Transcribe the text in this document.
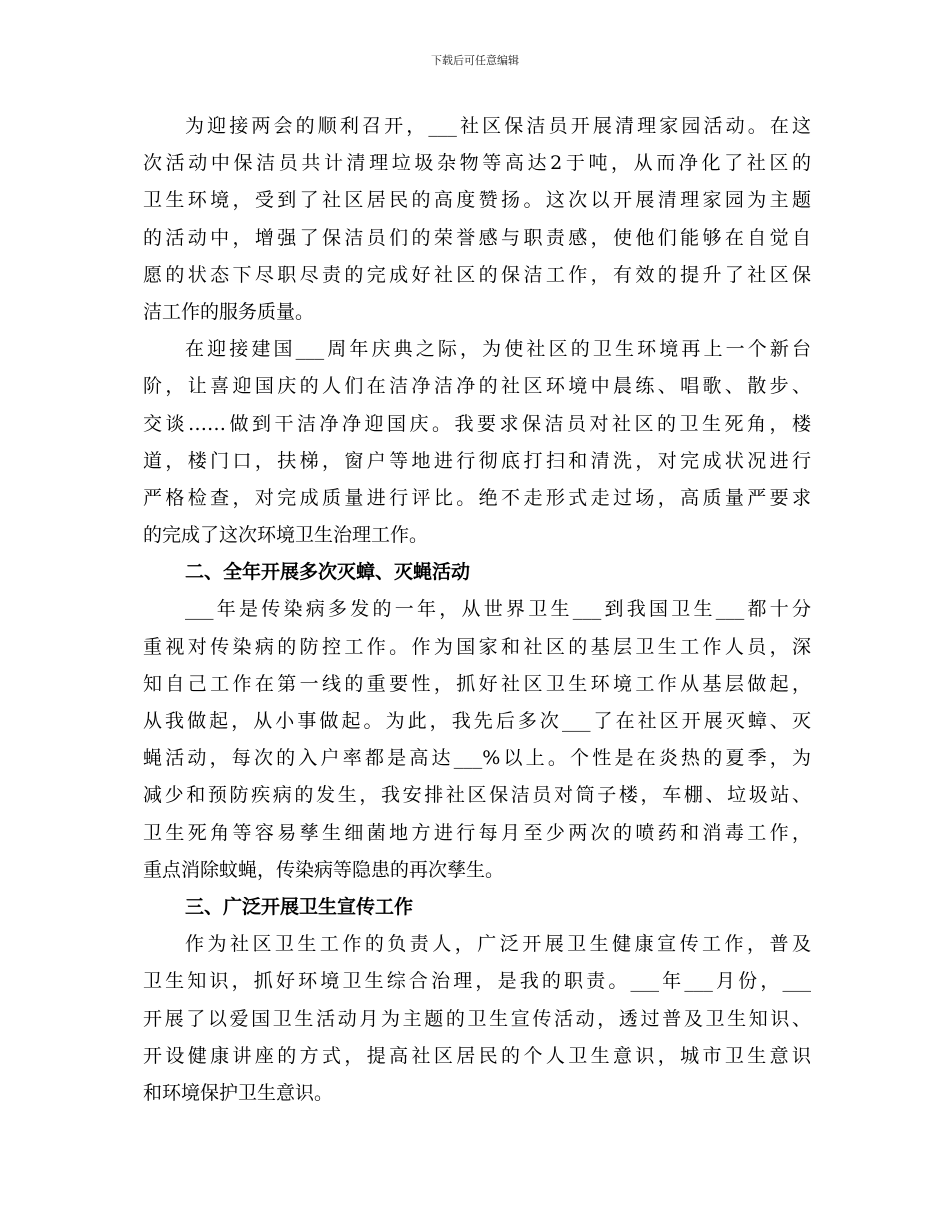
下载后可任意编辑
为迎接两会的顺利召开，___社区保洁员开展清理家园活动。在这
次活动中保洁员共计清理垃圾杂物等高达2于吨，从而净化了社区的
卫生环境，受到了社区居民的高度赞扬。这次以开展清理家园为主题
的活动中，增强了保洁员们的荣誉感与职责感，使他们能够在自觉自
愿的状态下尽职尽责的完成好社区的保洁工作，有效的提升了社区保
洁工作的服务质量。
在迎接建国___周年庆典之际，为使社区的卫生环境再上一个新台
阶，让喜迎国庆的人们在洁净洁净的社区环境中晨练、唱歌、散步、
交谈……做到干洁净净迎国庆。我要求保洁员对社区的卫生死角，楼
道，楼门口，扶梯，窗户等地进行彻底打扫和清洗，对完成状况进行
严格检查，对完成质量进行评比。绝不走形式走过场，高质量严要求
的完成了这次环境卫生治理工作。
二、全年开展多次灭蟑、灭蝇活动
___年是传染病多发的一年，从世界卫生___到我国卫生___都十分
重视对传染病的防控工作。作为国家和社区的基层卫生工作人员，深
知自己工作在第一线的重要性，抓好社区卫生环境工作从基层做起，
从我做起，从小事做起。为此，我先后多次___了在社区开展灭蟑、灭
蝇活动，每次的入户率都是高达___%以上。个性是在炎热的夏季，为
减少和预防疾病的发生，我安排社区保洁员对筒子楼，车棚、垃圾站、
卫生死角等容易孳生细菌地方进行每月至少两次的喷药和消毒工作，
重点消除蚊蝇，传染病等隐患的再次孳生。
三、广泛开展卫生宣传工作
作为社区卫生工作的负责人，广泛开展卫生健康宣传工作，普及
卫生知识，抓好环境卫生综合治理，是我的职责。___年___月份，___
开展了以爱国卫生活动月为主题的卫生宣传活动，透过普及卫生知识、
开设健康讲座的方式，提高社区居民的个人卫生意识，城市卫生意识
和环境保护卫生意识。
